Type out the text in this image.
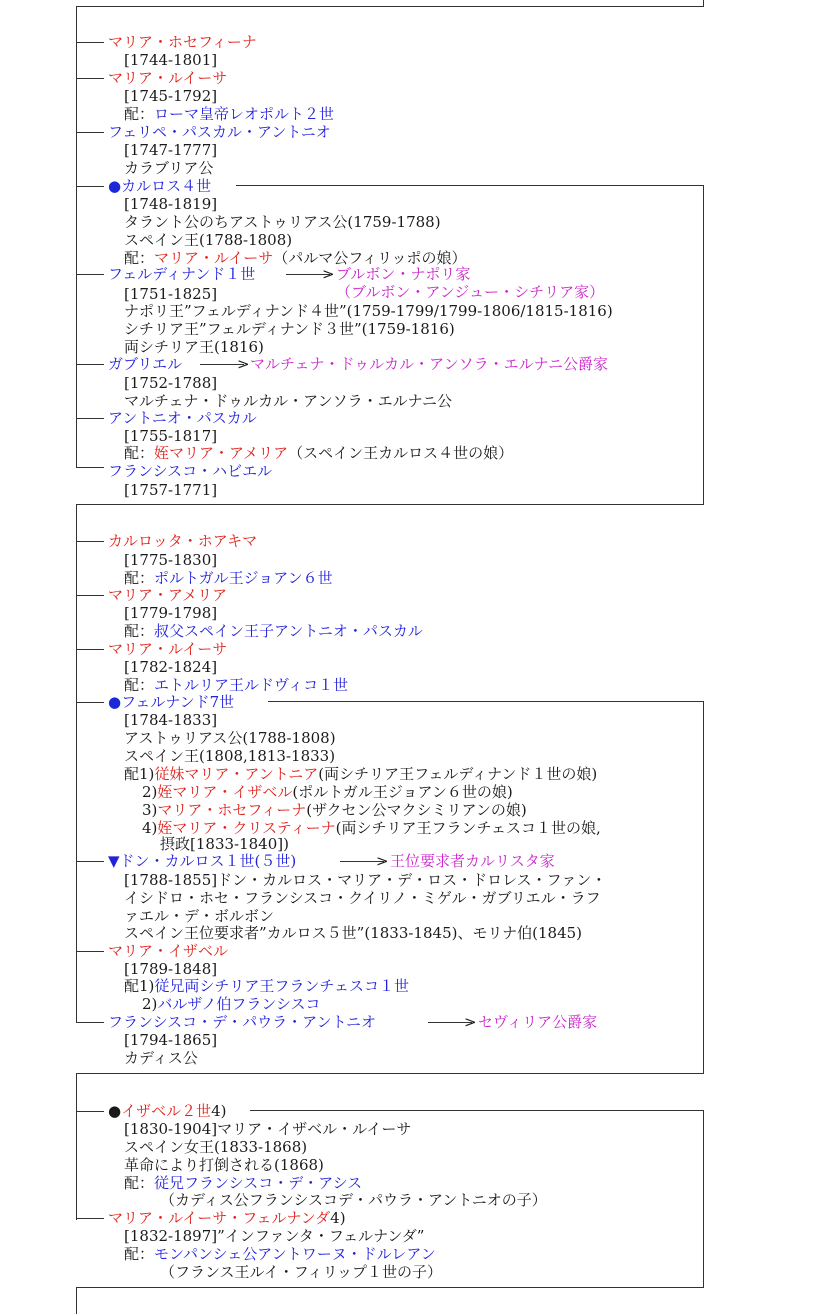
>
>
>
>
マリア・ホセフィーナ
[1744-1801]
マリア・ルイーサ
[1745-1792]
配：ローマ皇帝レオポルト２世
フェリペ・パスカル・アントニオ
[1747-1777]
カラブリア公
●カルロス４世
[1748-1819]
タラント公のちアストゥリアス公(1759-1788)
スペイン王(1788-1808)
配：マリア・ルイーサ（パルマ公フィリッポの娘）
フェルディナンド１世	ブルボン・ナポリ家
[1751-1825]	（ブルボン・アンジュー・シチリア家）
ナポリ王”フェルディナンド４世”(1759-1799/1799-1806/1815-1816)
シチリア王”フェルディナンド３世”(1759-1816)
両シチリア王(1816)
ガブリエル	マルチェナ・ドゥルカル・アンソラ・エルナニ公爵家
[1752-1788]
マルチェナ・ドゥルカル・アンソラ・エルナニ公
アントニオ・パスカル
[1755-1817]
配：姪マリア・アメリア（スペイン王カルロス４世の娘）
フランシスコ・ハビエル
[1757-1771]
カルロッタ・ホアキマ
[1775-1830]
配：ポルトガル王ジョアン６世
マリア・アメリア
[1779-1798]
配：叔父スペイン王子アントニオ・パスカル
マリア・ルイーサ
[1782-1824]
配：エトルリア王ルドヴィコ１世
●フェルナンド7世
[1784-1833]
アストゥリアス公(1788-1808)
スペイン王(1808,1813-1833)
配1)従妹マリア・アントニア(両シチリア王フェルディナンド１世の娘)
2)姪マリア・イザベル(ポルトガル王ジョアン６世の娘)
3)マリア・ホセフィーナ(ザクセン公マクシミリアンの娘)
4)姪マリア・クリスティーナ(両シチリア王フランチェスコ１世の娘,
摂政[1833-1840])
▼ドン・カルロス１世(５世)	王位要求者カルリスタ家
[1788-1855]ドン・カルロス・マリア・デ・ロス・ドロレス・ファン・
イシドロ・ホセ・フランシスコ・クイリノ・ミゲル・ガブリエル・ラフ
ァエル・デ・ボルボン
スペイン王位要求者”カルロス５世”(1833-1845)、モリナ伯(1845)
マリア・イザベル
[1789-1848]
配1)従兄両シチリア王フランチェスコ１世
2)バルザノ伯フランシスコ
フランシスコ・デ・パウラ・アントニオ	セヴィリア公爵家
[1794-1865]
カディス公
●イザベル２世4)
[1830-1904]マリア・イザベル・ルイーサ
スペイン女王(1833-1868)
革命により打倒される(1868)
配：従兄フランシスコ・デ・アシス
（カディス公フランシスコデ・パウラ・アントニオの子）
マリア・ルイーサ・フェルナンダ4)
[1832-1897]”インファンタ・フェルナンダ”
配：モンパンシェ公アントワーヌ・ドルレアン
（フランス王ルイ・フィリップ１世の子）
